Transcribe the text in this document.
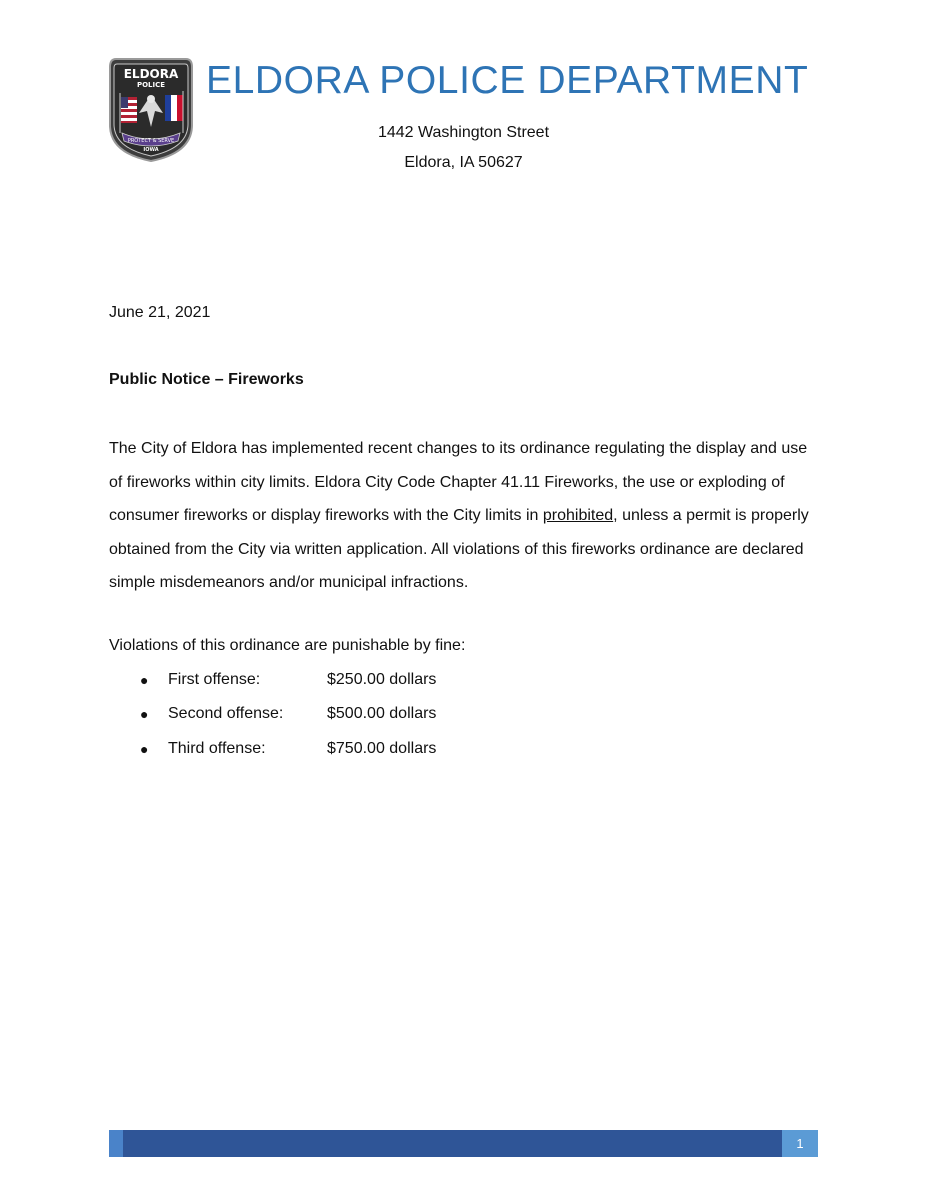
ELDORA
POLICE
PROTECT & SERVE
IOWA
ELDORA POLICE DEPARTMENT
1442 Washington Street
Eldora, IA 50627
June 21, 2021
Public Notice – Fireworks

The City of Eldora has implemented recent changes to its ordinance regulating the display and use of fireworks within city limits. Eldora City Code Chapter 41.11 Fireworks, the use or exploding of consumer fireworks or display fireworks with the City limits in prohibited, unless a permit is properly obtained from the City via written application. All violations of this fireworks ordinance are declared simple misdemeanors and/or municipal infractions.

Violations of this ordinance are punishable by fine:
● First offense:	$250.00 dollars
● Second offense:	$500.00 dollars
● Third offense:	$750.00 dollars
1
